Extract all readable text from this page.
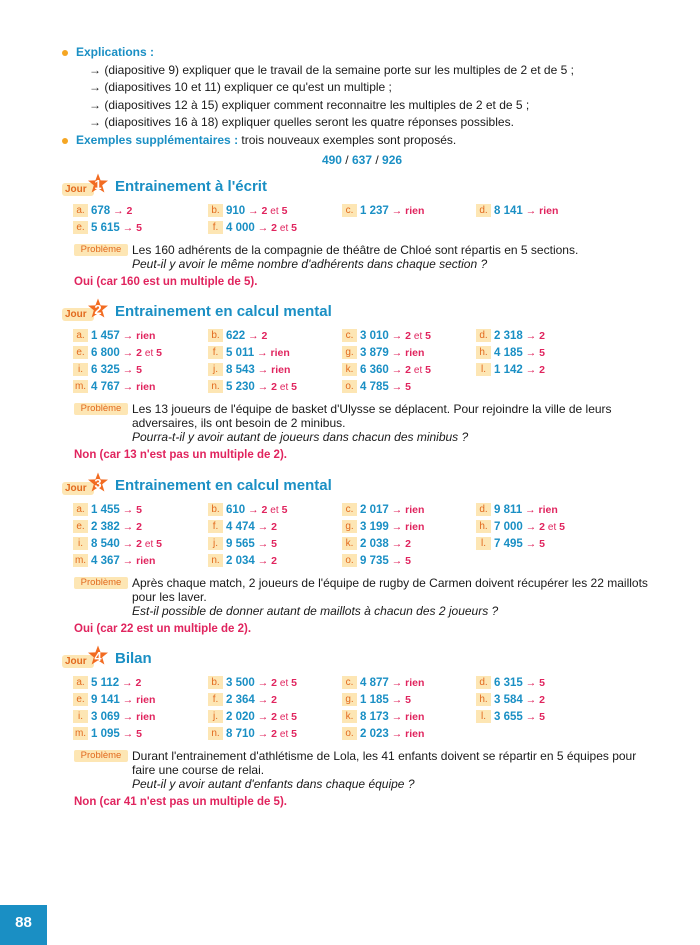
Explications :
→ (diapositive 9) expliquer que le travail de la semaine porte sur les multiples de 2 et de 5 ;
→ (diapositives 10 et 11) expliquer ce qu'est un multiple ;
→ (diapositives 12 à 15) expliquer comment reconnaitre les multiples de 2 et de 5 ;
→ (diapositives 16 à 18) expliquer quelles seront les quatre réponses possibles.
Exemples supplémentaires : trois nouveaux exemples sont proposés.
490 / 637 / 926
Jour 1 Entrainement à l'écrit
a. 678 → 2	b. 910 → 2 et 5	c. 1 237 → rien	d. 8 141 → rien
e. 5 615 → 5	f. 4 000 → 2 et 5
Problème Les 160 adhérents de la compagnie de théâtre de Chloé sont répartis en 5 sections.
Peut-il y avoir le même nombre d'adhérents dans chaque section ?
Oui (car 160 est un multiple de 5).
Jour 2 Entrainement en calcul mental
a. 1 457 → rien	b. 622 → 2	c. 3 010 → 2 et 5	d. 2 318 → 2
e. 6 800 → 2 et 5	f. 5 011 → rien	g. 3 879 → rien	h. 4 185 → 5
i. 6 325 → 5	j. 8 543 → rien	k. 6 360 → 2 et 5	l. 1 142 → 2
m. 4 767 → rien	n. 5 230 → 2 et 5	o. 4 785 → 5
Problème Les 13 joueurs de l'équipe de basket d'Ulysse se déplacent. Pour rejoindre la ville de leurs adversaires, ils ont besoin de 2 minibus.
Pourra-t-il y avoir autant de joueurs dans chacun des minibus ?
Non (car 13 n'est pas un multiple de 2).
Jour 3 Entrainement en calcul mental
a. 1 455 → 5	b. 610 → 2 et 5	c. 2 017 → rien	d. 9 811 → rien
e. 2 382 → 2	f. 4 474 → 2	g. 3 199 → rien	h. 7 000 → 2 et 5
i. 8 540 → 2 et 5	j. 9 565 → 5	k. 2 038 → 2	l. 7 495 → 5
m. 4 367 → rien	n. 2 034 → 2	o. 9 735 → 5
Problème Après chaque match, 2 joueurs de l'équipe de rugby de Carmen doivent récupérer les 22 maillots pour les laver.
Est-il possible de donner autant de maillots à chacun des 2 joueurs ?
Oui (car 22 est un multiple de 2).
Jour 4 Bilan
a. 5 112 → 2	b. 3 500 → 2 et 5	c. 4 877 → rien	d. 6 315 → 5
e. 9 141 → rien	f. 2 364 → 2	g. 1 185 → 5	h. 3 584 → 2
i. 3 069 → rien	j. 2 020 → 2 et 5	k. 8 173 → rien	l. 3 655 → 5
m. 1 095 → 5	n. 8 710 → 2 et 5	o. 2 023 → rien
Problème Durant l'entrainement d'athlétisme de Lola, les 41 enfants doivent se répartir en 5 équipes pour faire une course de relai.
Peut-il y avoir autant d'enfants dans chaque équipe ?
Non (car 41 n'est pas un multiple de 5).
88
